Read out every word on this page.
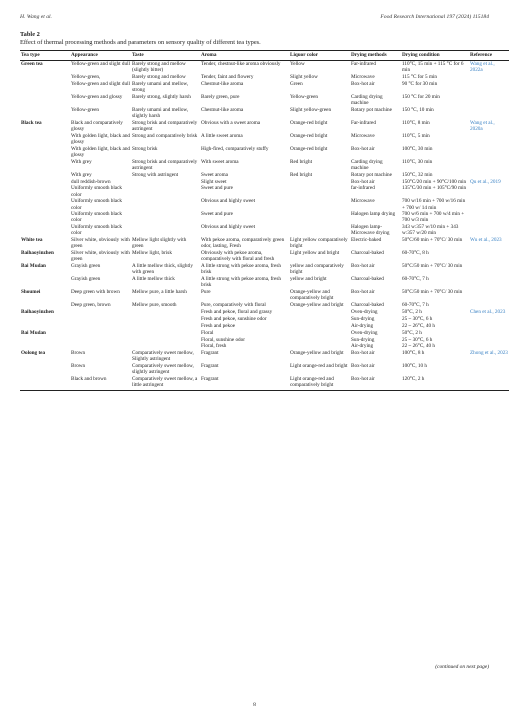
H. Wang et al.	Food Research International 197 (2024) 115184
Table 2
Effect of thermal processing methods and parameters on sensory quality of different tea types.
Tea type	Appearance	Taste	Aroma	Liquor color	Drying methods	Drying condition	Reference
Green tea	Yellow-green and slight dull	Barely strong and mellow (slightly bitter)	Tender, chestnut-like aroma obviously	Yellow	Far-infrared	110°C, 15 min + 115 °C for 6 min	Wang et al., 2022a
	Yellow-green,	Barely strong and mellow	Tender, faint and flowery	Slight yellow	Microwave	115 °C for 5 min	
	Yellow-green and slight dull	Barely umami and mellow, strong	Chestnut-like aroma	Green	Box-hot air	90 °C for 30 min	
	Yellow-green and glossy	Barely strong, slightly harsh	Barely green, pure	Yellow-green	Carding drying machine	150 °C for 20 min	
	Yellow-green	Barely umami and mellow, slightly harsh	Chestnut-like aroma	Slight yellow-green	Rotary pot machine	150 °C, 10 min	
Black tea	Black and comparatively glossy	Strong brisk and comparatively astringent	Obvious with a sweet aroma	Orange-red bright	Far-infrared	110°C, 8 min	Wang et al., 2020a
	With golden light, black and glossy	Strong and comparatively brisk	A little sweet aroma	Orange-red bright	Microwave	110°C, 5 min	
	With golden light, black and glossy	Strong brisk	High-fired, comparatively stuffy	Orange-red bright	Box-hot air	100°C, 30 min	
	With grey	Strong brisk and comparatively astringent	With sweet aroma	Red bright	Carding drying machine	110°C, 30 min	
	With grey	Strong with astringent	Sweet aroma	Red bright	Rotary pot machine	150°C, 32 min	
	dull reddish-brown		Slight sweet		Box-hot air	150°C/20 min + 90°C/100 min	Qu et al., 2019
	Uniformly smooth black color		Sweet and pure		far-infrared	135°C/30 min + 105°C/90 min	
	Uniformly smooth black color		Obvious and highly sweet		Microwave	700 w/16 min + 700 w/16 min + 700 w/ 14 min	
	Uniformly smooth black color		Sweet and pure		Halogen lamp drying	700 w/6 min + 700 w/4 min + 700 w/3 min	
	Uniformly smooth black color		Obvious and highly sweet		Halogen lamp-Microwave drying	343 w:357 w/10 min + 343 w:357 w/20 min	
White tea	Silver white, obviously with green	Mellow light slightly with green	With pekoe aroma, comparatively green odor, lasting, Fresh	Light yellow comparatively bright	Electric-baked	50°C/60 min + 70°C/ 30 min	Wu et al., 2023
Baihaoyinzhen	Silver white, obviously with green	Mellow light, brisk	Obviously with pekoe aroma, comparatively with floral and fresh	Light yellow and bright	Charcoal-baked	60-70°C, 8 h	
Bai Mudan	Grayish green	A little mellow thick, slightly with green	A little strong with pekoe aroma, fresh brisk	yellow and comparatively bright	Box-hot air	50°C/50 min + 70°C/ 30 min	
	Grayish green	A little mellow thick	A little strong with pekoe aroma, fresh brisk	yellow and bright	Charcoal-baked	60-70°C, 7 h	
Shoumei	Deep green with brown	Mellow pure, a little harsh	Pure	Orange-yellow and comparatively bright	Box-hot air	50°C/50 min + 70°C/ 30 min	
	Deep green, brown	Mellow pure, smooth	Pure, comparatively with floral	Orange-yellow and bright	Charcoal-baked	60-70°C, 7 h	
Baihaoyinzhen			Fresh and pekoe, floral and grassy		Oven-drying	50°C, 2 h	Chen et al., 2023
			Fresh and pekoe, sunshine odor		Sun-drying	25 ~ 30°C, 6 h	
			Fresh and pekoe		Air-drying	22 ~ 26°C, 40 h	
Bai Mudan			Floral		Oven-drying	50°C, 2 h	
			Floral, sunshine odor		Sun-drying	25 ~ 30°C, 6 h	
			Floral, fresh		Air-drying	22 ~ 26°C, 40 h	
Oolong tea	Brown	Comparatively sweet mellow, Slightly astringent	Fragrant	Orange-yellow and bright	Box-hot air	100°C, 8 h	Zhong et al., 2023
	Brown	Comparatively sweet mellow, slightly astringent	Fragrant	Light orange-red and bright	Box-hot air	100°C, 10 h	
	Black and brown	Comparatively sweet mellow, a little astringent	Fragrant	Light orange-red and comparatively bright	Box-hot air	120°C, 2 h	
(continued on next page)
8
